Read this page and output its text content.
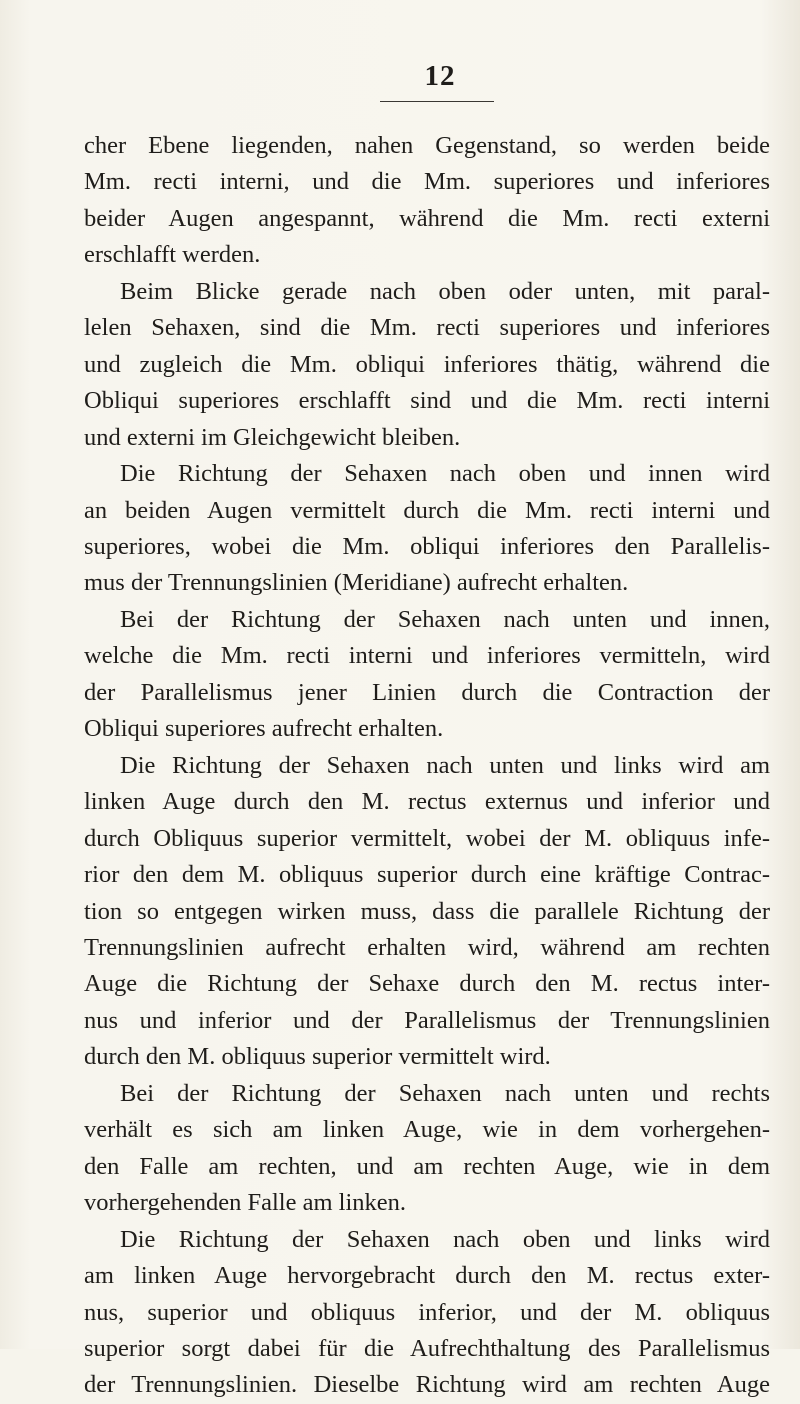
12
cher Ebene liegenden, nahen Gegenstand, so werden beide
Mm. recti interni, und die Mm. superiores und inferiores
beider Augen angespannt, während die Mm. recti externi
erschlafft werden.
Beim Blicke gerade nach oben oder unten, mit paral-
lelen Sehaxen, sind die Mm. recti superiores und inferiores
und zugleich die Mm. obliqui inferiores thätig, während die
Obliqui superiores erschlafft sind und die Mm. recti interni
und externi im Gleichgewicht bleiben.
Die Richtung der Sehaxen nach oben und innen wird
an beiden Augen vermittelt durch die Mm. recti interni und
superiores, wobei die Mm. obliqui inferiores den Parallelis-
mus der Trennungslinien (Meridiane) aufrecht erhalten.
Bei der Richtung der Sehaxen nach unten und innen,
welche die Mm. recti interni und inferiores vermitteln, wird
der Parallelismus jener Linien durch die Contraction der
Obliqui superiores aufrecht erhalten.
Die Richtung der Sehaxen nach unten und links wird am
linken Auge durch den M. rectus externus und inferior und
durch Obliquus superior vermittelt, wobei der M. obliquus infe-
rior den dem M. obliquus superior durch eine kräftige Contrac-
tion so entgegen wirken muss, dass die parallele Richtung der
Trennungslinien aufrecht erhalten wird, während am rechten
Auge die Richtung der Sehaxe durch den M. rectus inter-
nus und inferior und der Parallelismus der Trennungslinien
durch den M. obliquus superior vermittelt wird.
Bei der Richtung der Sehaxen nach unten und rechts
verhält es sich am linken Auge, wie in dem vorhergehen-
den Falle am rechten, und am rechten Auge, wie in dem
vorhergehenden Falle am linken.
Die Richtung der Sehaxen nach oben und links wird
am linken Auge hervorgebracht durch den M. rectus exter-
nus, superior und obliquus inferior, und der M. obliquus
superior sorgt dabei für die Aufrechthaltung des Parallelismus
der Trennungslinien. Dieselbe Richtung wird am rechten Auge
